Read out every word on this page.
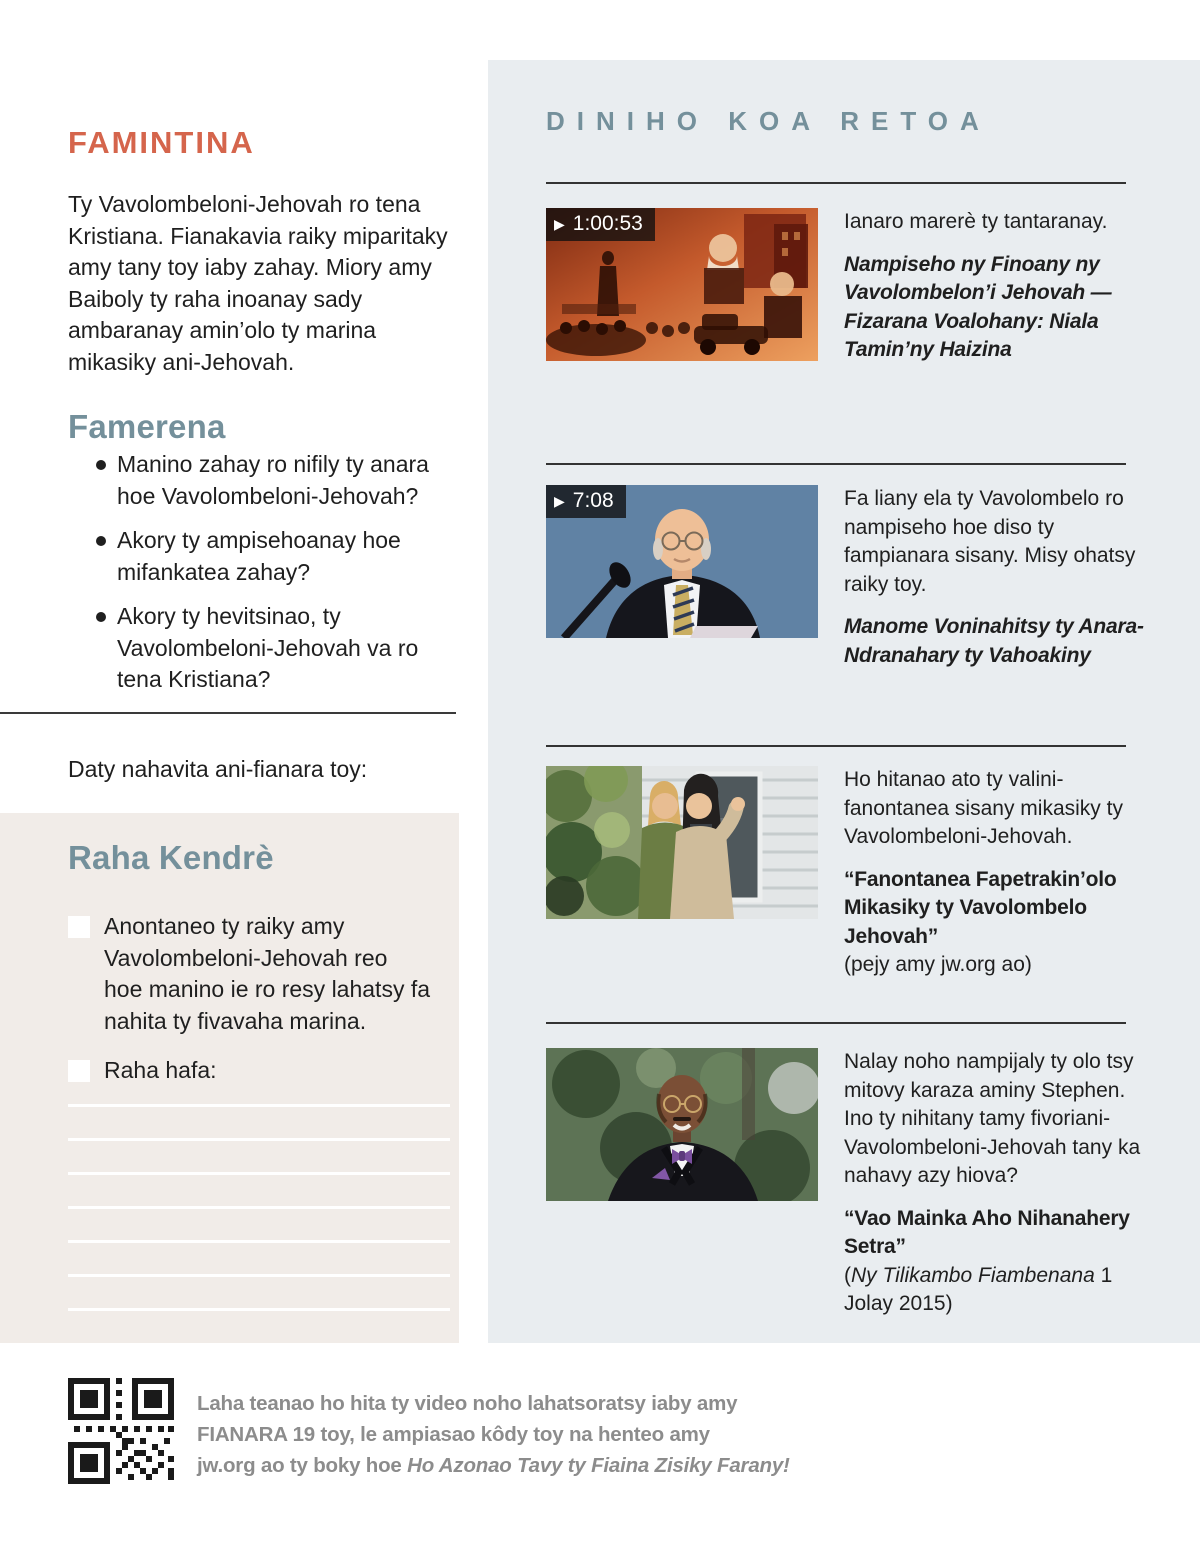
FAMINTINA

Ty Vavolombeloni-Jehovah ro tena Kristiana. Fianakavia raiky miparitaky amy tany toy iaby zahay. Miory amy Baiboly ty raha inoanay sady ambaranay amin’olo ty marina mikasiky ani-Jehovah.

Famerena
Manino zahay ro nifily ty anara hoe Vavolombeloni-Jehovah?
Akory ty ampisehoanay hoe mifankatea zahay?
Akory ty hevitsinao, ty Vavolombeloni-Jehovah va ro tena Kristiana?

Daty nahavita ani-fianara toy:

Raha Kendrè
Anontaneo ty raiky amy Vavolombeloni-Jehovah reo hoe manino ie ro resy lahatsy fa nahita ty fivavaha marina.
Raha hafa:
DINIHO KOA RETOA
▶ 1:00:53	Ianaro marerè ty tantaranay.

Nampiseho ny Finoany ny Vavolombelon’i Jehovah —Fizarana Voalohany: Niala Tamin’ny Haizina

▶ 7:08	Fa liany ela ty Vavolombelo ro nampiseho hoe diso ty fampianara sisany. Misy ohatsy raiky toy.

Manome Voninahitsy ty Anara-Ndranahary ty Vahoakiny

Ho hitanao ato ty valini-fanontanea sisany mikasiky ty Vavolombeloni-Jehovah.

“Fanontanea Fapetrakin’olo Mikasiky ty Vavolombelo Jehovah”

(pejy amy jw.org ao)

Nalay noho nampijaly ty olo tsy mitovy karaza aminy Stephen. Ino ty nihitany tamy fivoriani-Vavolombeloni-Jehovah tany ka nahavy azy hiova?

“Vao Mainka Aho Nihanahery Setra”

(Ny Tilikambo Fiambenana 1 Jolay 2015)

Laha teanao ho hita ty video noho lahatsoratsy iaby amy

FIANARA 19 toy, le ampiasao kôdy toy na henteo amy

jw.org ao ty boky hoe Ho Azonao Tavy ty Fiaina Zisiky Farany!
